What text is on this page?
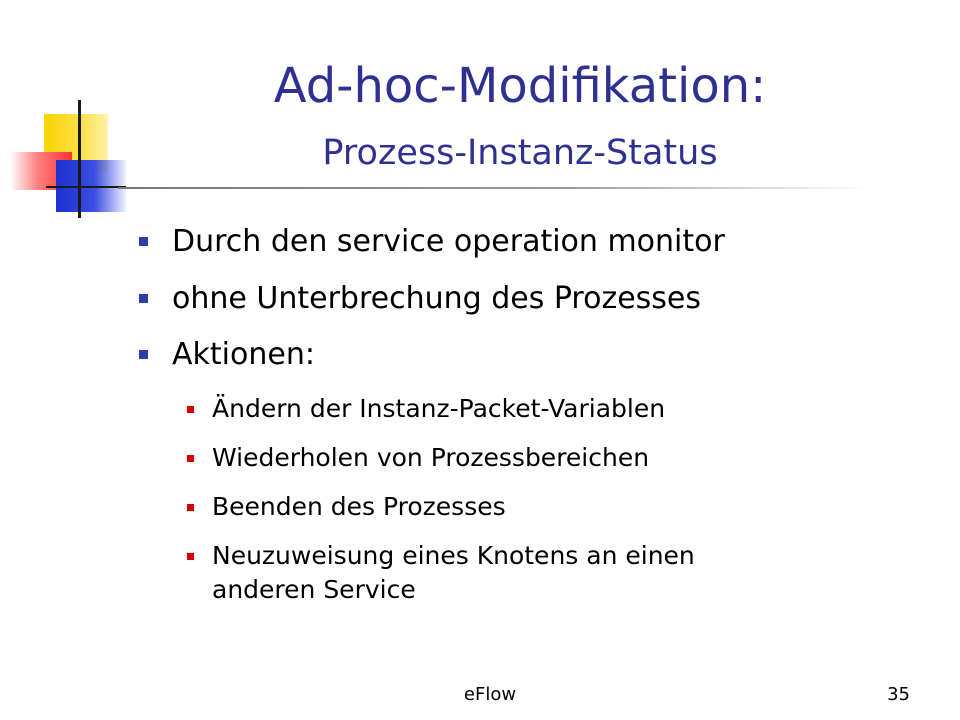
Ad-hoc-Modifikation:
Prozess-Instanz-Status
Durch den service operation monitor
ohne Unterbrechung des Prozesses
Aktionen:
Ändern der Instanz-Packet-Variablen
Wiederholen von Prozessbereichen
Beenden des Prozesses
Neuzuweisung eines Knotens an einen
anderen Service
eFlow	35
